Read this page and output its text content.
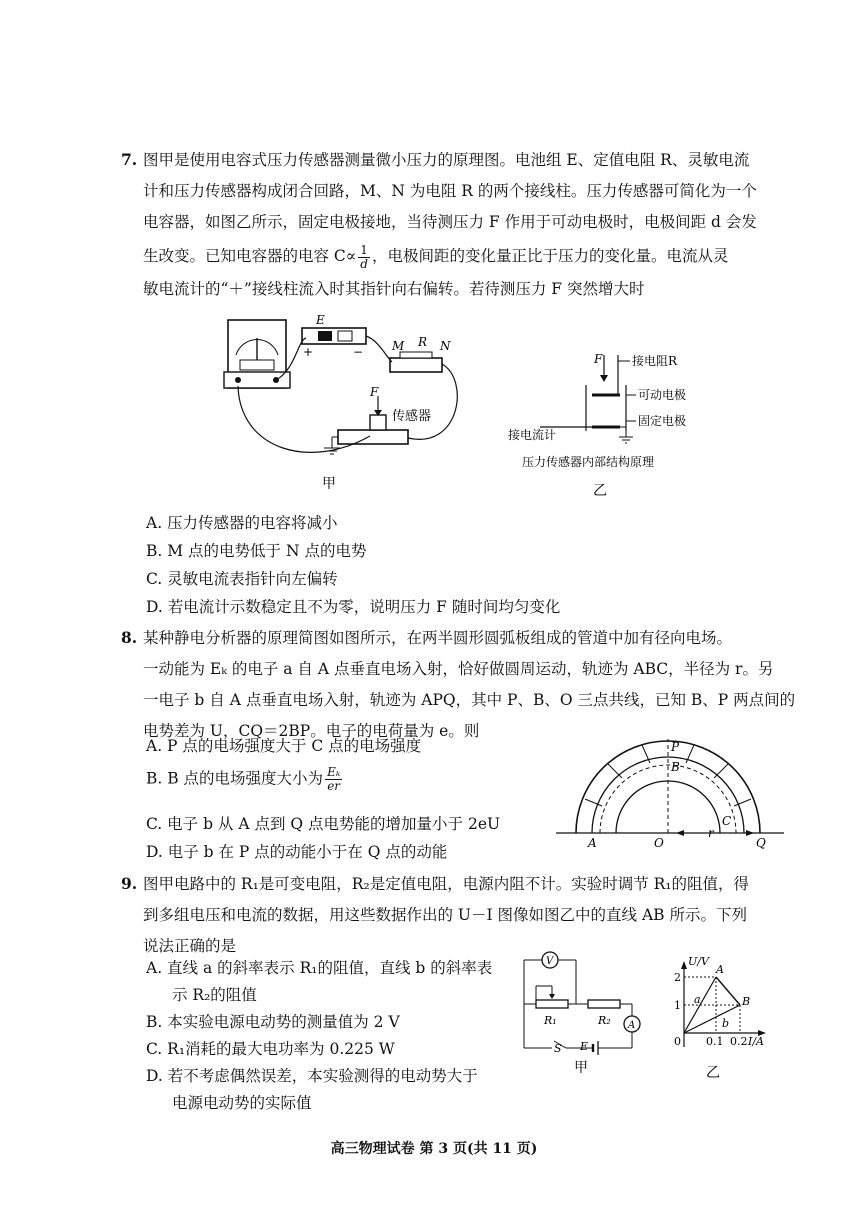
7. 图甲是使用电容式压力传感器测量微小压力的原理图。电池组 E、定值电阻 R、灵敏电流
计和压力传感器构成闭合回路，M、N 为电阻 R 的两个接线柱。压力传感器可简化为一个
电容器，如图乙所示，固定电极接地，当待测压力 F 作用于可动电极时，电极间距 d 会发
生改变。已知电容器的电容 $C\propto \frac{1}{d}$ ，电极间距的变化量正比于压力的变化量。电流从灵
敏电流计的“＋”接线柱流入时其指针向右偏转。若待测压力 F 突然增大时
E
+	− M R N
F
传感器
甲
F 接电阻R
可动电极
固定电极
接电流计
压力传感器内部结构原理
乙
A. 压力传感器的电容将减小
B. M 点的电势低于 N 点的电势
C. 灵敏电流表指针向左偏转
D. 若电流计示数稳定且不为零，说明压力 F 随时间均匀变化
8. 某种静电分析器的原理简图如图所示，在两半圆形圆弧板组成的管道中加有径向电场。
一动能为 Eₖ 的电子 a 自 A 点垂直电场入射，恰好做圆周运动，轨迹为 ABC，半径为 r。另
一电子 b 自 A 点垂直电场入射，轨迹为 APQ，其中 P、B、O 三点共线，已知 B、P 两点间的
电势差为 U，CQ＝2BP。电子的电荷量为 e。则
A. P 点的电场强度大于 C 点的电场强度
B. B 点的电场强度大小为 $\frac{\text{Eₖ}}{er}$
C. 电子 b 从 A 点到 Q 点电势能的增加量小于 2eU
D. 电子 b 在 P 点的动能小于在 Q 点的动能
P
B
A	O
r
C
Q
9. 图甲电路中的 R₁是可变电阻，R₂是定值电阻，电源内阻不计。实验时调节 R₁的阻值，得
到多组电压和电流的数据，用这些数据作出的 U－I 图像如图乙中的直线 AB 所示。下列
说法正确的是
A. 直线 a 的斜率表示 R₁的阻值，直线 b 的斜率表
示 R₂的阻值
B. 本实验电源电动势的测量值为 2 V
C. R₁消耗的最大电功率为 0.225 W
D. 若不考虑偶然误差，本实验测得的电动势大于
电源电动势的实际值
V
A
R₁	R₂
S E
甲
U/V
A
B
a
b
2
1
0 0.1 0.2 I/A
乙
高三物理试卷 第 3 页(共 11 页)
